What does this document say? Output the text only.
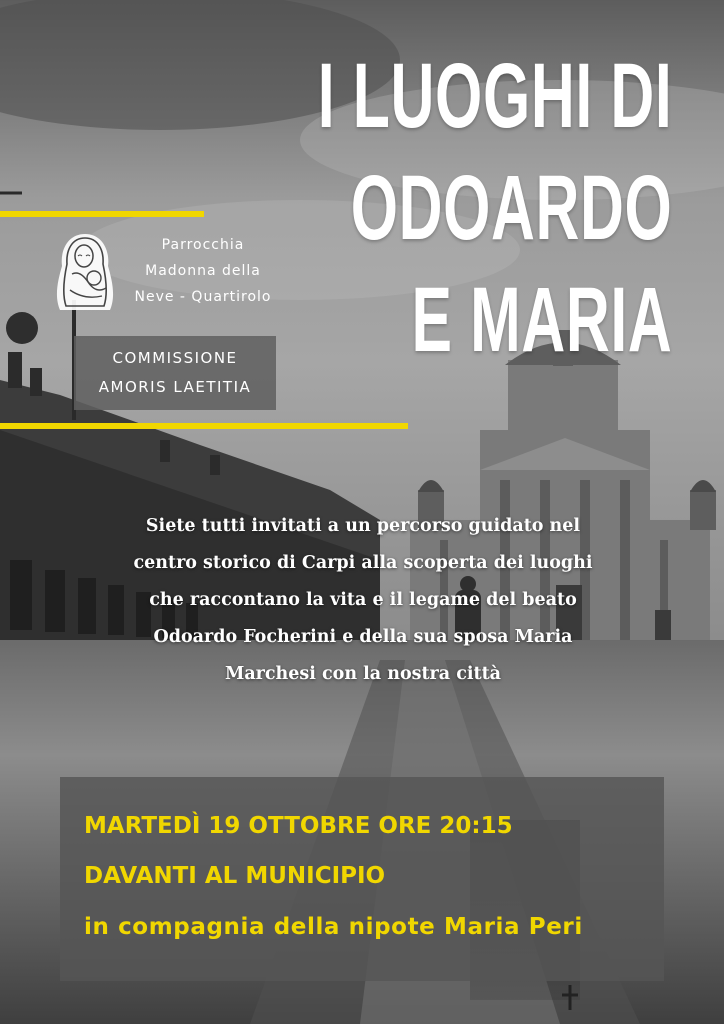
I LUOGHI DI
ODOARDO
E MARIA
Parrocchia
Madonna della
Neve - Quartirolo
COMMISSIONE
AMORIS LAETITIA
Siete tutti invitati a un percorso guidato nel
centro storico di Carpi alla scoperta dei luoghi
che raccontano la vita e il legame del beato
Odoardo Focherini e della sua sposa Maria
Marchesi con la nostra città
MARTEDÌ 19 OTTOBRE ORE 20:15
DAVANTI AL MUNICIPIO
in compagnia della nipote Maria Peri
